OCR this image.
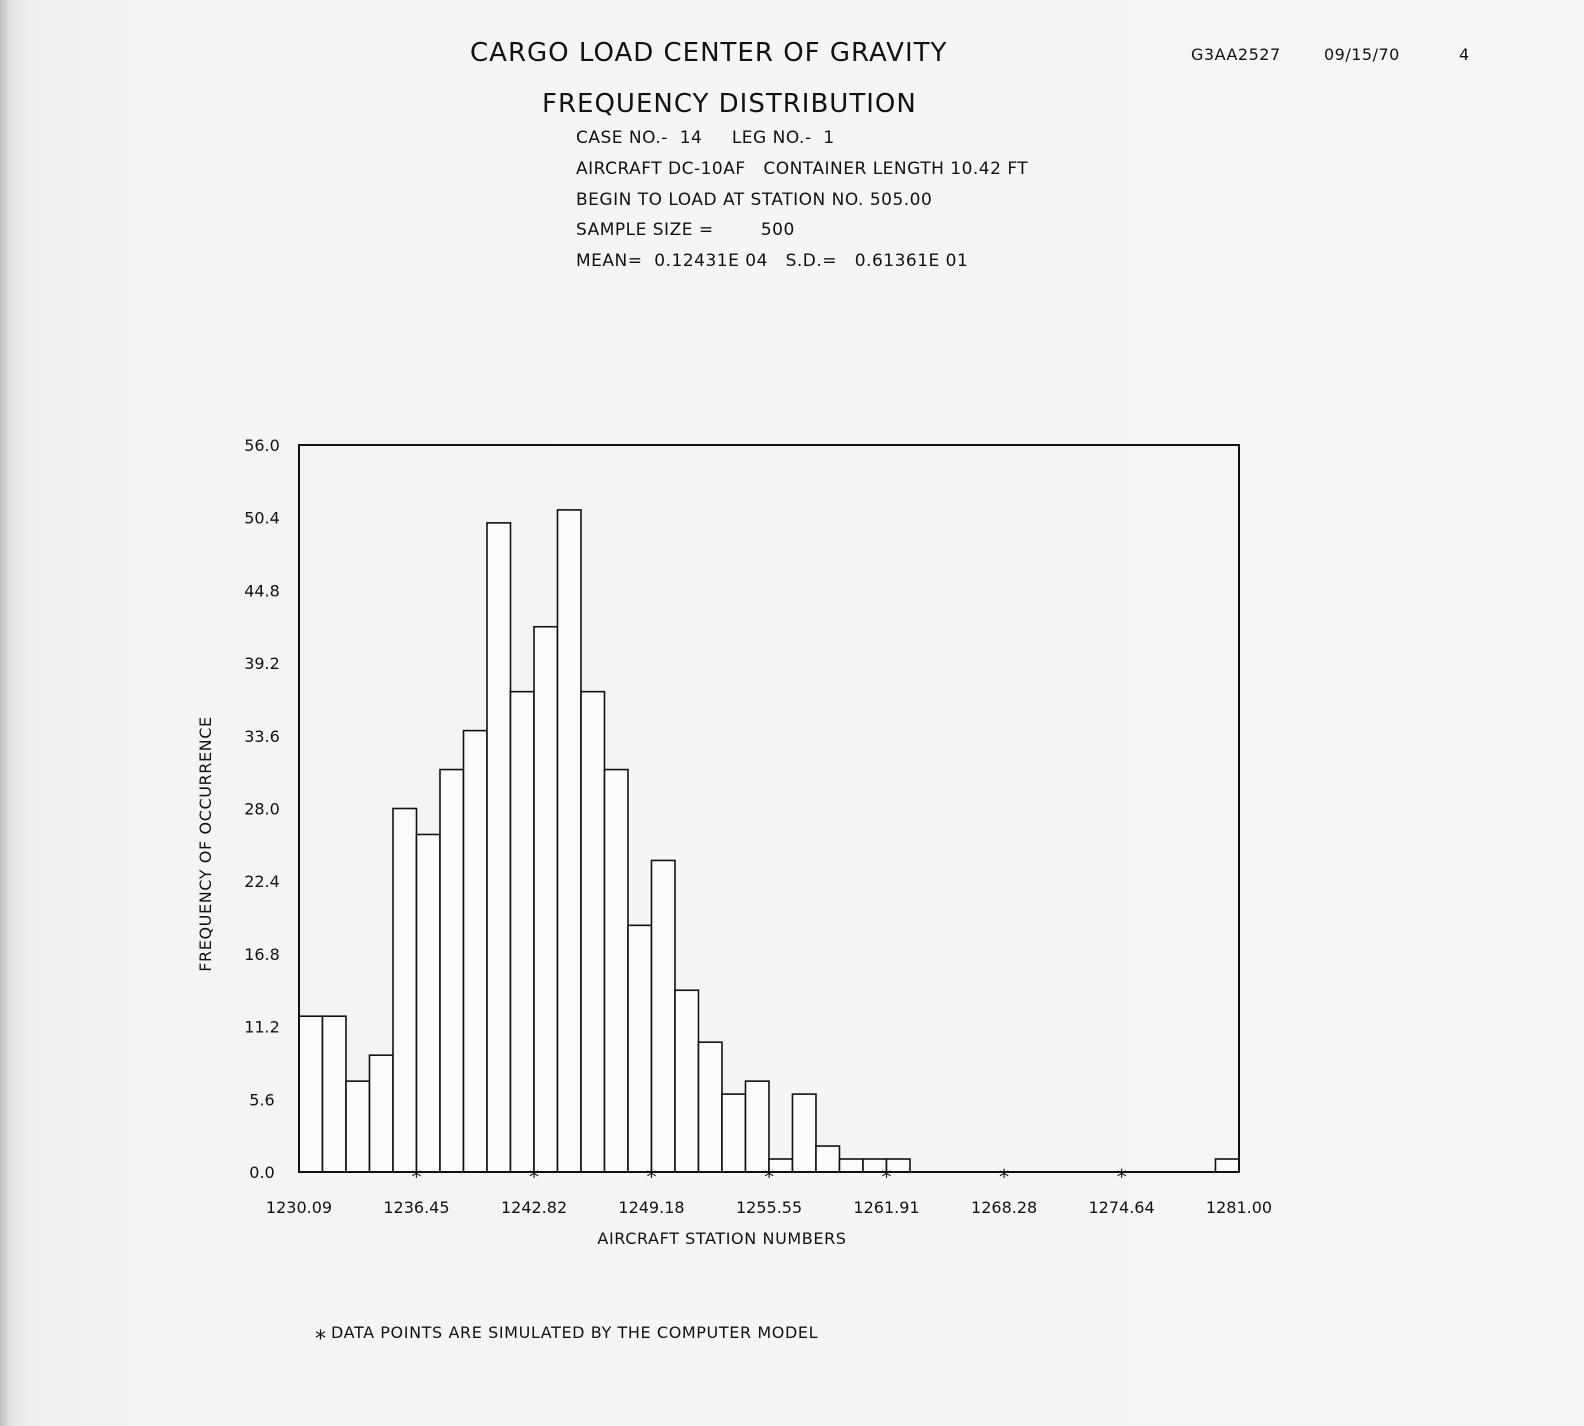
CARGO LOAD CENTER OF GRAVITY	G3AA2527	09/15/70	4
FREQUENCY DISTRIBUTION
CASE NO.-  14     LEG NO.-  1
AIRCRAFT DC-10AF   CONTAINER LENGTH 10.42 FT
BEGIN TO LOAD AT STATION NO. 505.00
SAMPLE SIZE =        500
MEAN=  0.12431E 04   S.D.=   0.61361E 01
0.0
5.6
11.2
16.8
22.4
28.0
33.6
39.2
44.8
50.4
56.0
1230.09	1236.45	1242.82	1249.18	1255.55	1261.91	1268.28	1274.64	1281.00
*	*	*	*	*	*	*
FREQUENCY OF OCCURRENCE
AIRCRAFT STATION NUMBERS
* DATA POINTS ARE SIMULATED BY THE COMPUTER MODEL
